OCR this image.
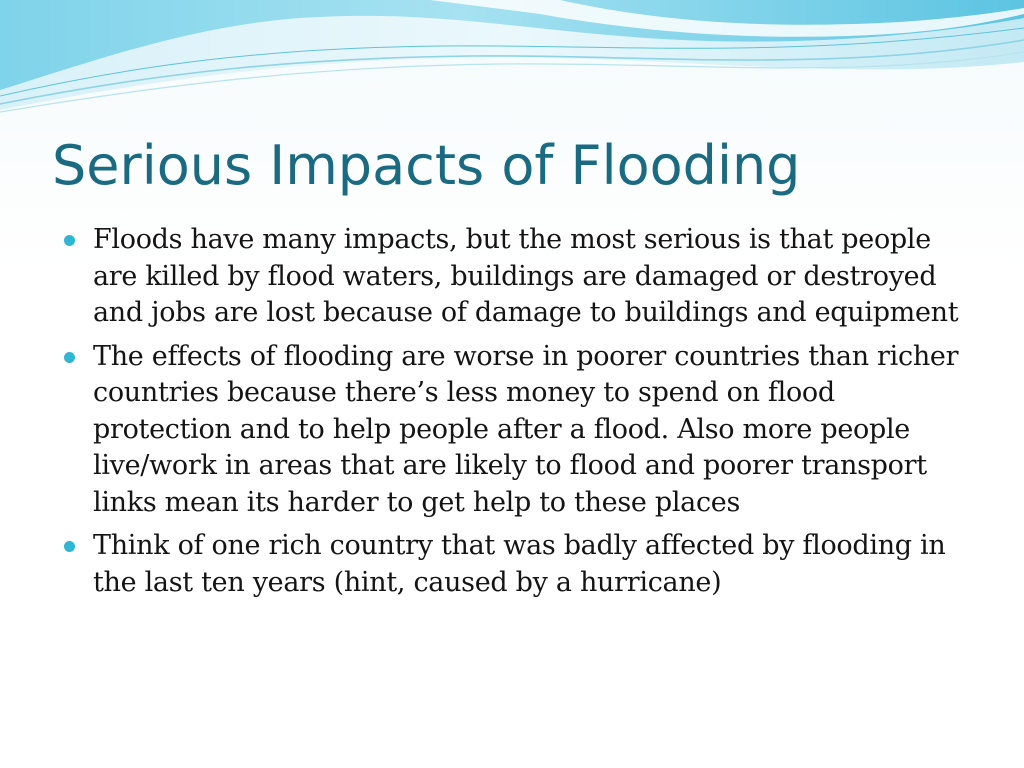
Serious Impacts of Flooding
Floods have many impacts, but the most serious is that people are killed by flood waters, buildings are damaged or destroyed and jobs are lost because of damage to buildings and equipment
The effects of flooding are worse in poorer countries than richer countries because there’s less money to spend on flood protection and to help people after a flood. Also more people live/work in areas that are likely to flood and poorer transport links mean its harder to get help to these places
Think of one rich country that was badly affected by flooding in the last ten years (hint, caused by a hurricane)
